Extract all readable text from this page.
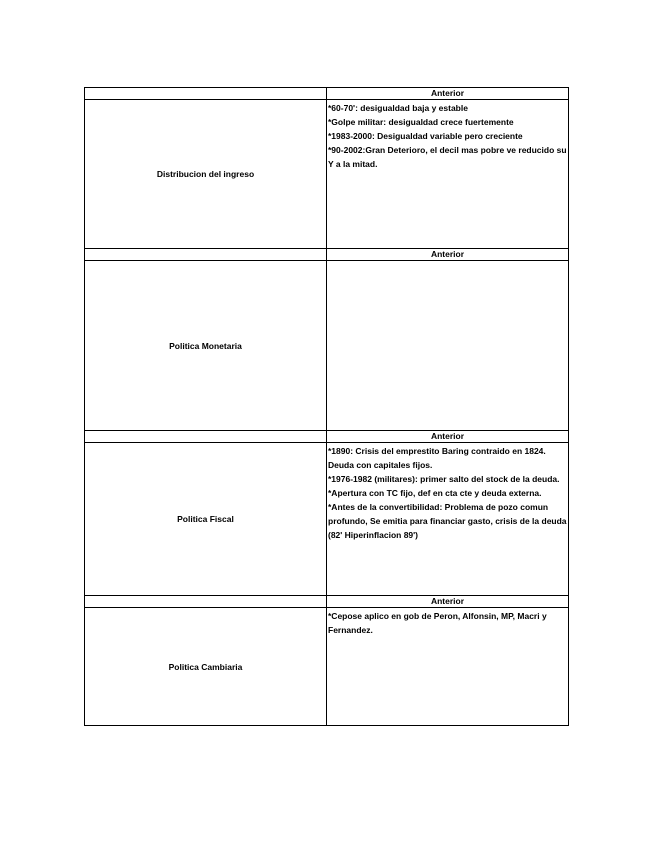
	Anterior
Distribucion del ingreso	*60-70': desigualdad baja y estable
*Golpe militar: desigualdad crece fuertemente
*1983-2000: Desigualdad variable pero creciente
*90-2002:Gran Deterioro, el decil mas pobre ve reducido su Y a la mitad.

	Anterior
Politica Monetaria	
	Anterior
Politica Fiscal	*1890: Crisis del emprestito Baring contraido en 1824. Deuda con capitales fijos.
*1976-1982 (militares): primer salto del stock de la deuda.
*Apertura con TC fijo, def en cta cte y deuda externa.
*Antes de la convertibilidad: Problema de pozo comun profundo, Se emitia para financiar gasto, crisis de la deuda (82' Hiperinflacion 89')

	Anterior
Politica Cambiaria	*Cepose aplico en gob de Peron, Alfonsin, MP, Macri y Fernandez.
